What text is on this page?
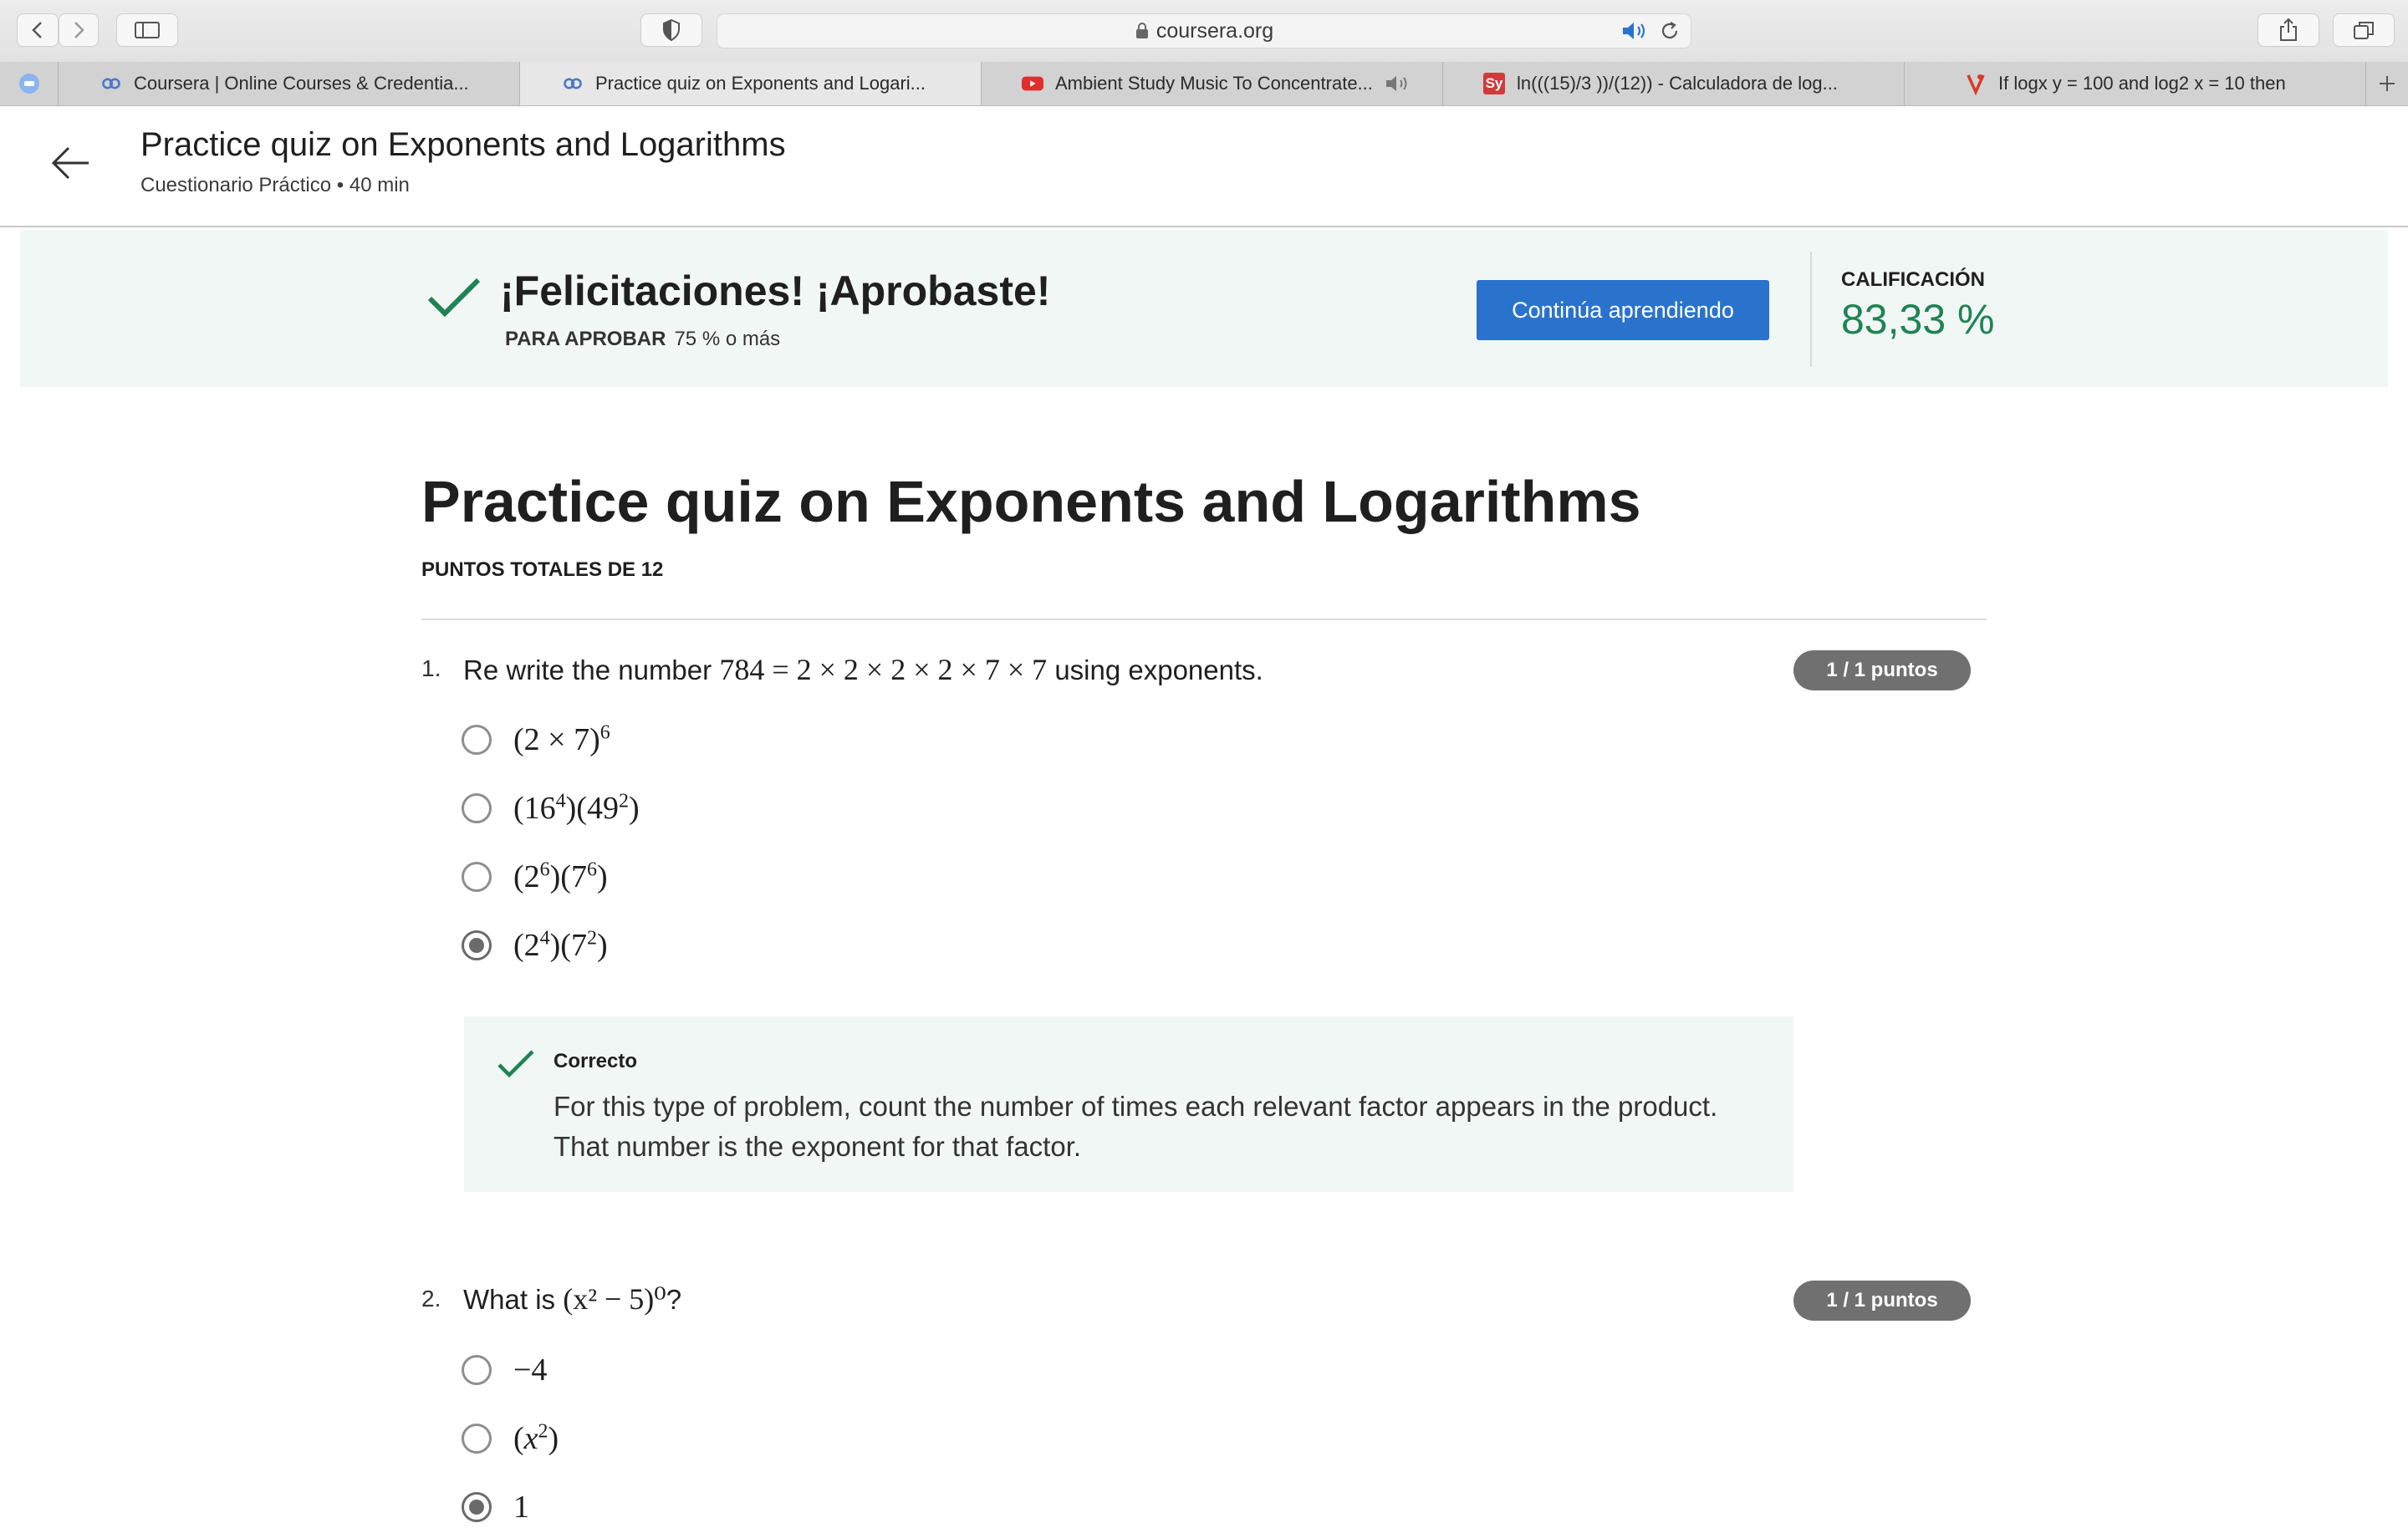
coursera.org
Coursera | Online Courses & Credentia...	Practice quiz on Exponents and Logari...	Ambient Study Music To Concentrate...	Sy ln(((15)/3 ))/(12)) - Calculadora de log...	If logx y = 100 and log2 x = 10 then
Practice quiz on Exponents and Logarithms
Cuestionario Práctico • 40 min
¡Felicitaciones! ¡Aprobaste!
PARA APROBAR 75 % o más
Continúa aprendiendo
CALIFICACIÓN
83,33 %
Practice quiz on Exponents and Logarithms
PUNTOS TOTALES DE 12
1. Re write the number 784 = 2 × 2 × 2 × 2 × 7 × 7 using exponents.	1 / 1 puntos
$(2 \times 7)^6$
$(16^4)(49^2)$
$(2^6)(7^6)$
$(2^4)(7^2)$
Correcto
For this type of problem, count the number of times each relevant factor appears in the product. That number is the exponent for that factor.
2. What is (x² − 5)⁰?	1 / 1 puntos
−4
$(x^2)$
1
